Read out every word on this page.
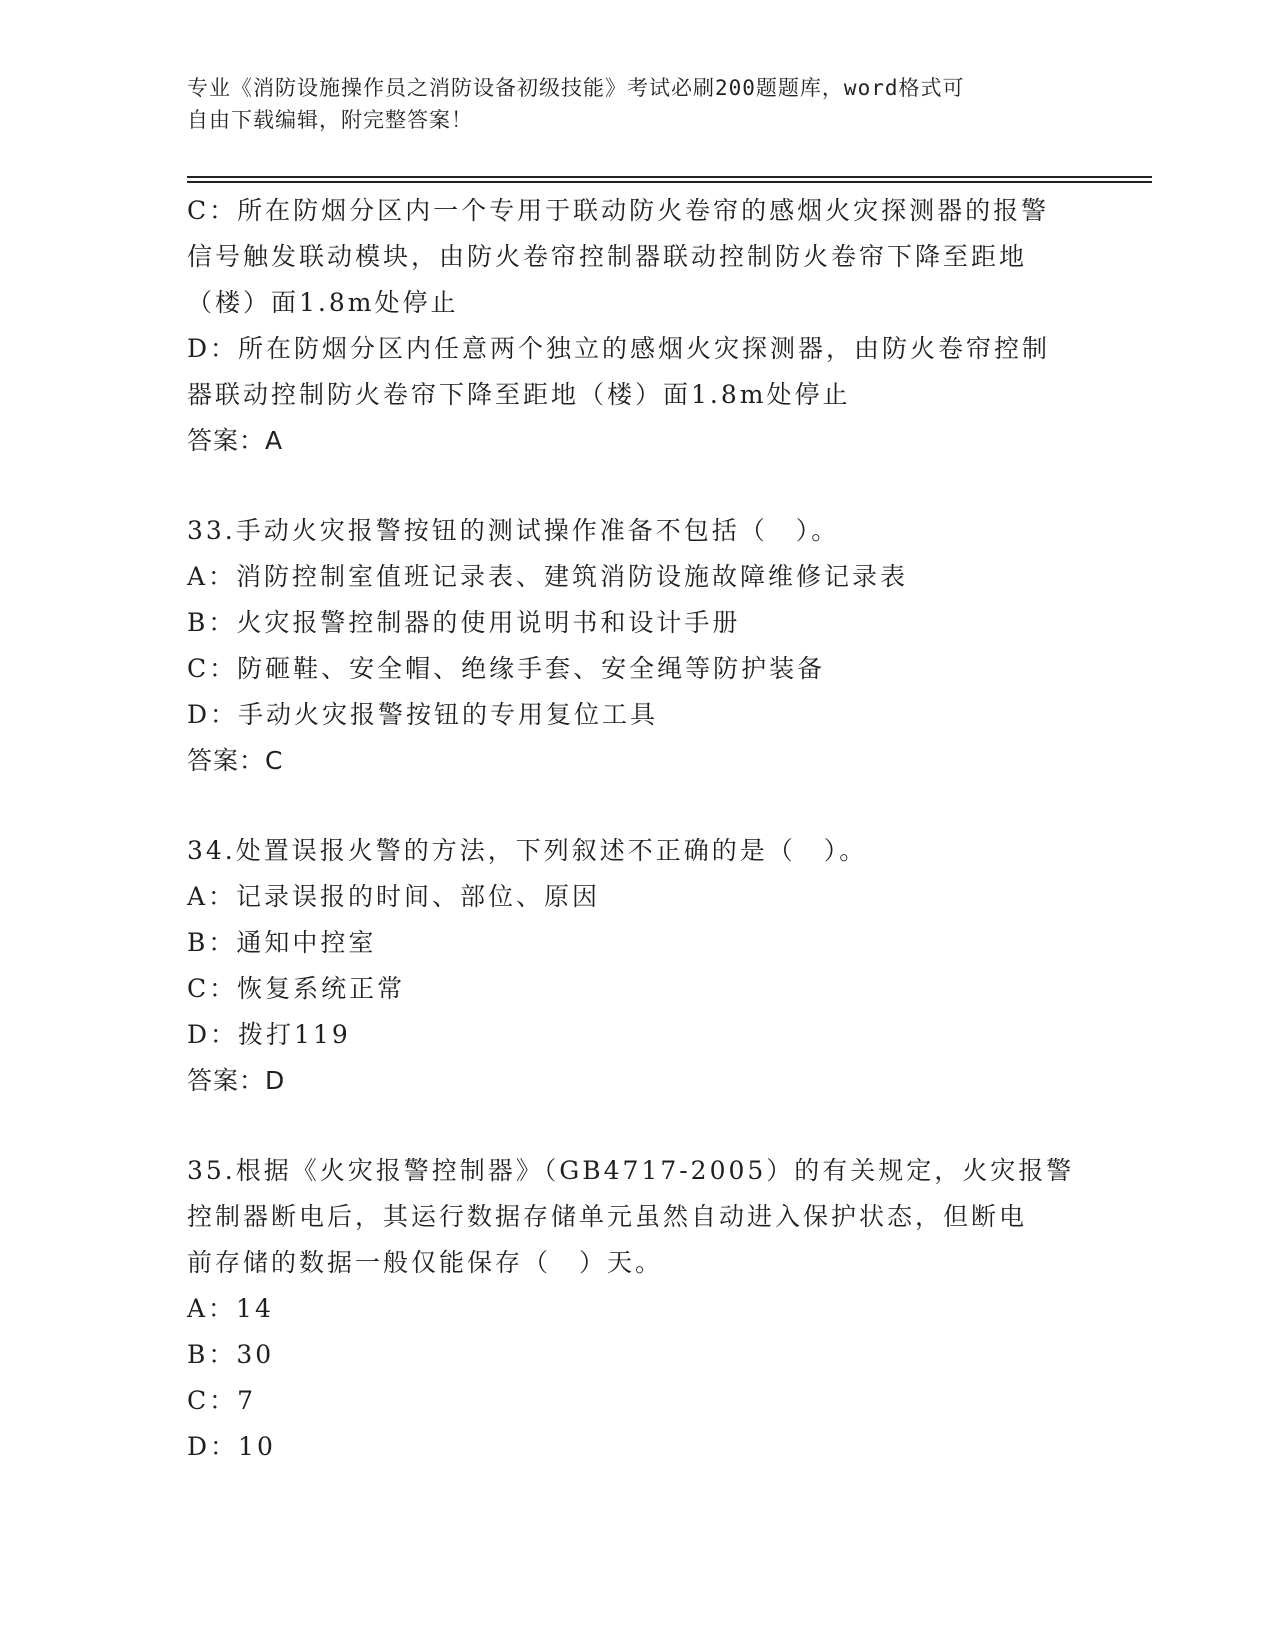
专业《消防设施操作员之消防设备初级技能》考试必刷200题题库，word格式可
自由下载编辑，附完整答案！
C：所在防烟分区内一个专用于联动防火卷帘的感烟火灾探测器的报警
信号触发联动模块，由防火卷帘控制器联动控制防火卷帘下降至距地
（楼）面1.8m处停止
D：所在防烟分区内任意两个独立的感烟火灾探测器，由防火卷帘控制
器联动控制防火卷帘下降至距地（楼）面1.8m处停止
答案：A
33.手动火灾报警按钮的测试操作准备不包括（　）。
A：消防控制室值班记录表、建筑消防设施故障维修记录表
B：火灾报警控制器的使用说明书和设计手册
C：防砸鞋、安全帽、绝缘手套、安全绳等防护装备
D：手动火灾报警按钮的专用复位工具
答案：C
34.处置误报火警的方法，下列叙述不正确的是（　）。
A：记录误报的时间、部位、原因
B：通知中控室
C：恢复系统正常
D：拨打119
答案：D
35.根据《火灾报警控制器》（GB4717-2005）的有关规定，火灾报警
控制器断电后，其运行数据存储单元虽然自动进入保护状态，但断电
前存储的数据一般仅能保存（　）天。
A：14
B：30
C：7
D：10
